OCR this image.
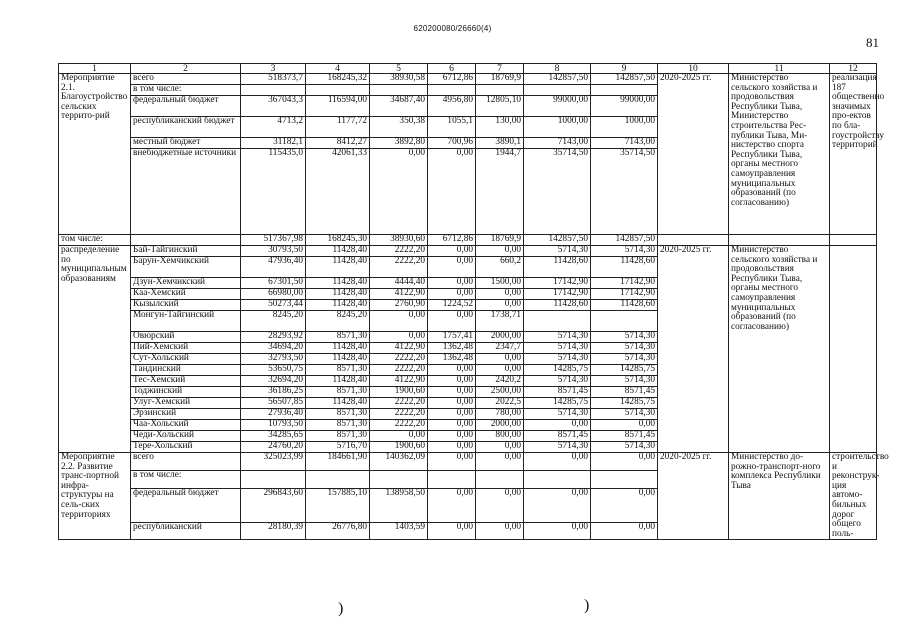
620200080/26660(4)
81
1	2	3	4	5	6	7	8	9	10	11	12
Мероприятие 2.1. Благоустройство сельских террито-рий	всего	518373,7	168245,32	38930,58	6712,86	18769,9	142857,50	142857,50	2020-2025 гг.	Министерство сельского хозяйства и продовольствия Республики Тыва, Министерство строительства Рес-публики Тыва, Ми-нистерство спорта Республики Тыва, органы местного самоуправления муниципальных образований (по согласованию)	реализация 187 общественно значимых про-ектов по бла-гоустройству территорий
	в том числе:										
	федеральный бюджет	367043,3	116594,00	34687,40	4956,80	12805,10	99000,00	99000,00			
	республиканский бюджет	4713,2	1177,72	350,38	1055,1	130,00	1000,00	1000,00			
	местный бюджет	31182,1	8412,27	3892,80	700,96	3890,1	7143,00	7143,00			
	внебюджетные источники	115435,0	42061,33	0,00	0,00	1944,7	35714,50	35714,50			
том числе:		517367,98	168245,30	38930,60	6712,86	18769,9	142857,50	142857,50			
распределение по муниципальным образованиям	Бай-Тайгинский	30793,50	11428,40	2222,20	0,00	0,00	5714,30	5714,30	2020-2025 гг.	Министерство сельского хозяйства и продовольствия Республики Тыва, органы местного самоуправления муниципальных образований (по согласованию)	
	Барун-Хемчикский	47936,40	11428,40	2222,20	0,00	660,2	11428,60	11428,60			
	Дзун-Хемчикский	67301,50	11428,40	4444,40	0,00	1500,00	17142,90	17142,90			
	Каа-Хемский	66980,00	11428,40	4122,90	0,00	0,00	17142,90	17142,90			
	Кызылский	50273,44	11428,40	2760,90	1224,52	0,00	11428,60	11428,60			
	Монгун-Тайгинский	8245,20	8245,20	0,00	0,00	1738,71					
	Овюрский	28293,92	8571,30	0,00	1757,41	2000,00	5714,30	5714,30			
	Пий-Хемский	34694,20	11428,40	4122,90	1362,48	2347,7	5714,30	5714,30			
	Сут-Хольский	32793,50	11428,40	2222,20	1362,48	0,00	5714,30	5714,30			
	Тандинский	53650,75	8571,30	2222,20	0,00	0,00	14285,75	14285,75			
	Тес-Хемский	32694,20	11428,40	4122,90	0,00	2420,2	5714,30	5714,30			
	Тоджинский	36186,25	8571,30	1900,60	0,00	2500,00	8571,45	8571,45			
	Улуг-Хемский	56507,85	11428,40	2222,20	0,00	2022,5	14285,75	14285,75			
	Эрзинский	27936,40	8571,30	2222,20	0,00	780,00	5714,30	5714,30			
	Чаа-Хольский	10793,50	8571,30	2222,20	0,00	2000,00	0,00	0,00			
	Чеди-Хольский	34285,65	8571,30	0,00	0,00	800,00	8571,45	8571,45			
	Тере-Хольский	24760,20	5716,70	1900,60	0,00	0,00	5714,30	5714,30			
Мероприятие 2.2. Развитие транс-портной инфра-структуры на сель-ских территориях	всего	325023,99	184661,90	140362,09	0,00	0,00	0,00	0,00	2020-2025 гг.	Министерство до-рожно-транспорт-ного комплекса Республики Тыва	строительство и реконструк-ция автомо-бильных дорог общего поль-
	в том числе:										
	федеральный бюджет	296843,60	157885,10	138958,50	0,00	0,00	0,00	0,00			
	республиканский	28180,39	26776,80	1403,59	0,00	0,00	0,00	0,00			
)	)
